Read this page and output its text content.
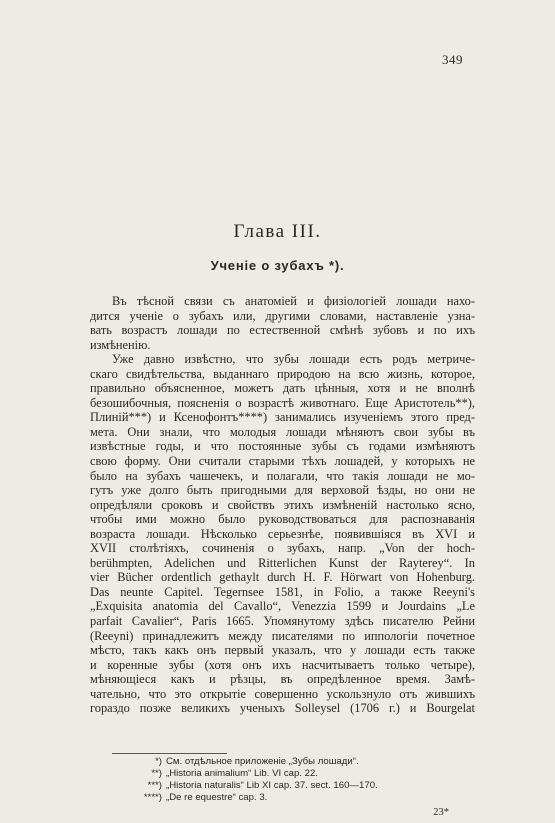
349
Глава III.
Ученіе о зубахъ *).
Въ тѣсной связи съ анатоміей и физіологіей лошади нахо-
дится ученіе о зубахъ или, другими словами, наставленіе узна-
вать возрастъ лошади по естественной смѣнѣ зубовъ и по ихъ
измѣненію.
Уже давно извѣстно, что зубы лошади есть родъ метриче-
скаго свидѣтельства, выданнаго природою на всю жизнь, которое,
правильно объясненное, можетъ дать цѣнныя, хотя и не вполнѣ
безошибочныя, поясненія о возрастѣ животнаго. Еще Аристотель**),
Плиній***) и Ксенофонтъ****) занимались изученіемъ этого пред-
мета. Они знали, что молодыя лошади мѣняютъ свои зубы въ
извѣстные годы, и что постоянные зубы съ годами измѣняютъ
свою форму. Они считали старыми тѣхъ лошадей, у которыхъ не
было на зубахъ чашечекъ, и полагали, что такія лошади не мо-
гутъ уже долго быть пригодными для верховой ѣзды, но они не
опредѣляли сроковъ и свойствъ этихъ измѣненій настолько ясно,
чтобы ими можно было руководствоваться для распознаванія
возраста лошади. Нѣсколько серьезнѣе, появившіяся въ XVI и
XVII столѣтіяхъ, сочиненія о зубахъ, напр. „Von der hoch-
berühmpten, Adelichen und Ritterlichen Kunst der Rayterey“. In
vier Bücher ordentlich gethaylt durch H. F. Hörwart von Hohenburg.
Das neunte Capitel. Tegernsee 1581, in Folio, а также Reeyni's
„Exquisita anatomia del Cavallo“, Venezzia 1599 и Jourdains „Le
parfait Cavalier“, Paris 1665. Упомянутому здѣсь писателю Рейни
(Reeyni) принадлежитъ между писателями по иппологіи почетное
мѣсто, такъ какъ онъ первый указалъ, что у лошади есть также
и коренные зубы (хотя онъ ихъ насчитываетъ только четыре),
мѣняющіеся какъ и рѣзцы, въ опредѣленное время. Замѣ-
чательно, что это открытіе совершенно ускользнуло отъ жившихъ
гораздо позже великихъ ученыхъ Solleysel (1706 г.) и Bourgelat
*) См. отдѣльное приложеніе „Зубы лошади“.
**) „Historia animalium“ Lib. VI cap. 22.
***) „Historia naturalis“ Lib XI cap. 37. sect. 160—170.
****) „De re equestre“ cap. 3.
23*
